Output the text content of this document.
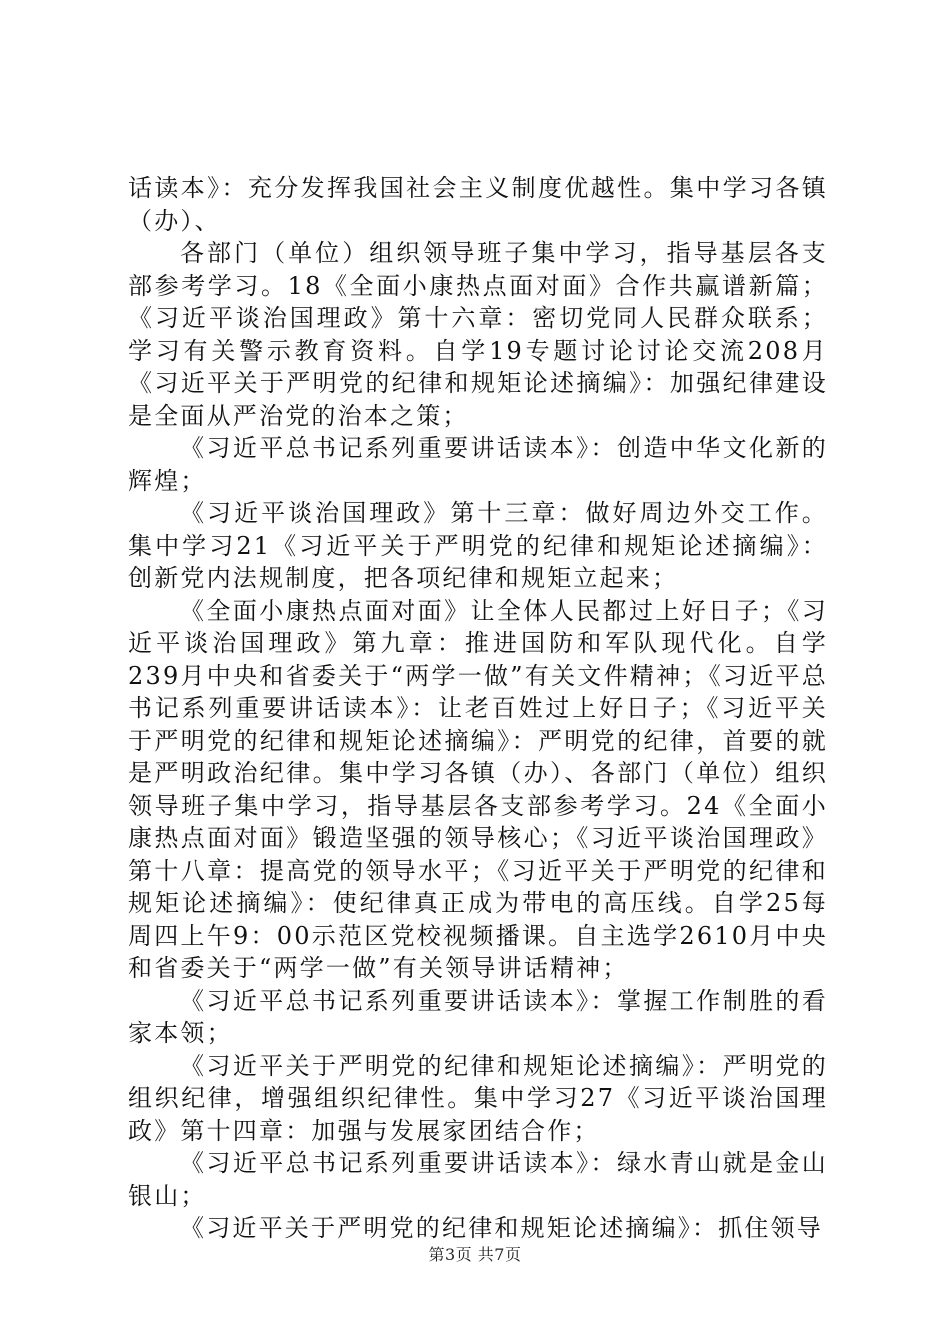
话读本》：充分发挥我国社会主义制度优越性。集中学习各镇（办）、

各部门（单位）组织领导班子集中学习，指导基层各支部参考学习。18《全面小康热点面对面》合作共赢谱新篇；《习近平谈治国理政》第十六章：密切党同人民群众联系；学习有关警示教育资料。自学19专题讨论讨论交流208月《习近平关于严明党的纪律和规矩论述摘编》：加强纪律建设是全面从严治党的治本之策；

《习近平总书记系列重要讲话读本》：创造中华文化新的辉煌；

《习近平谈治国理政》第十三章：做好周边外交工作。集中学习21《习近平关于严明党的纪律和规矩论述摘编》：创新党内法规制度，把各项纪律和规矩立起来；

《全面小康热点面对面》让全体人民都过上好日子；《习近平谈治国理政》第九章：推进国防和军队现代化。自学239月中央和省委关于“两学一做”有关文件精神；《习近平总书记系列重要讲话读本》：让老百姓过上好日子；《习近平关于严明党的纪律和规矩论述摘编》：严明党的纪律，首要的就是严明政治纪律。集中学习各镇（办）、各部门（单位）组织领导班子集中学习，指导基层各支部参考学习。24《全面小康热点面对面》锻造坚强的领导核心；《习近平谈治国理政》第十八章：提高党的领导水平；《习近平关于严明党的纪律和规矩论述摘编》：使纪律真正成为带电的高压线。自学25每周四上午9：00示范区党校视频播课。自主选学2610月中央和省委关于“两学一做”有关领导讲话精神；

《习近平总书记系列重要讲话读本》：掌握工作制胜的看家本领；

《习近平关于严明党的纪律和规矩论述摘编》：严明党的组织纪律，增强组织纪律性。集中学习27《习近平谈治国理政》第十四章：加强与发展家团结合作；

《习近平总书记系列重要讲话读本》：绿水青山就是金山银山；

《习近平关于严明党的纪律和规矩论述摘编》：抓住领导

第3页 共7页
